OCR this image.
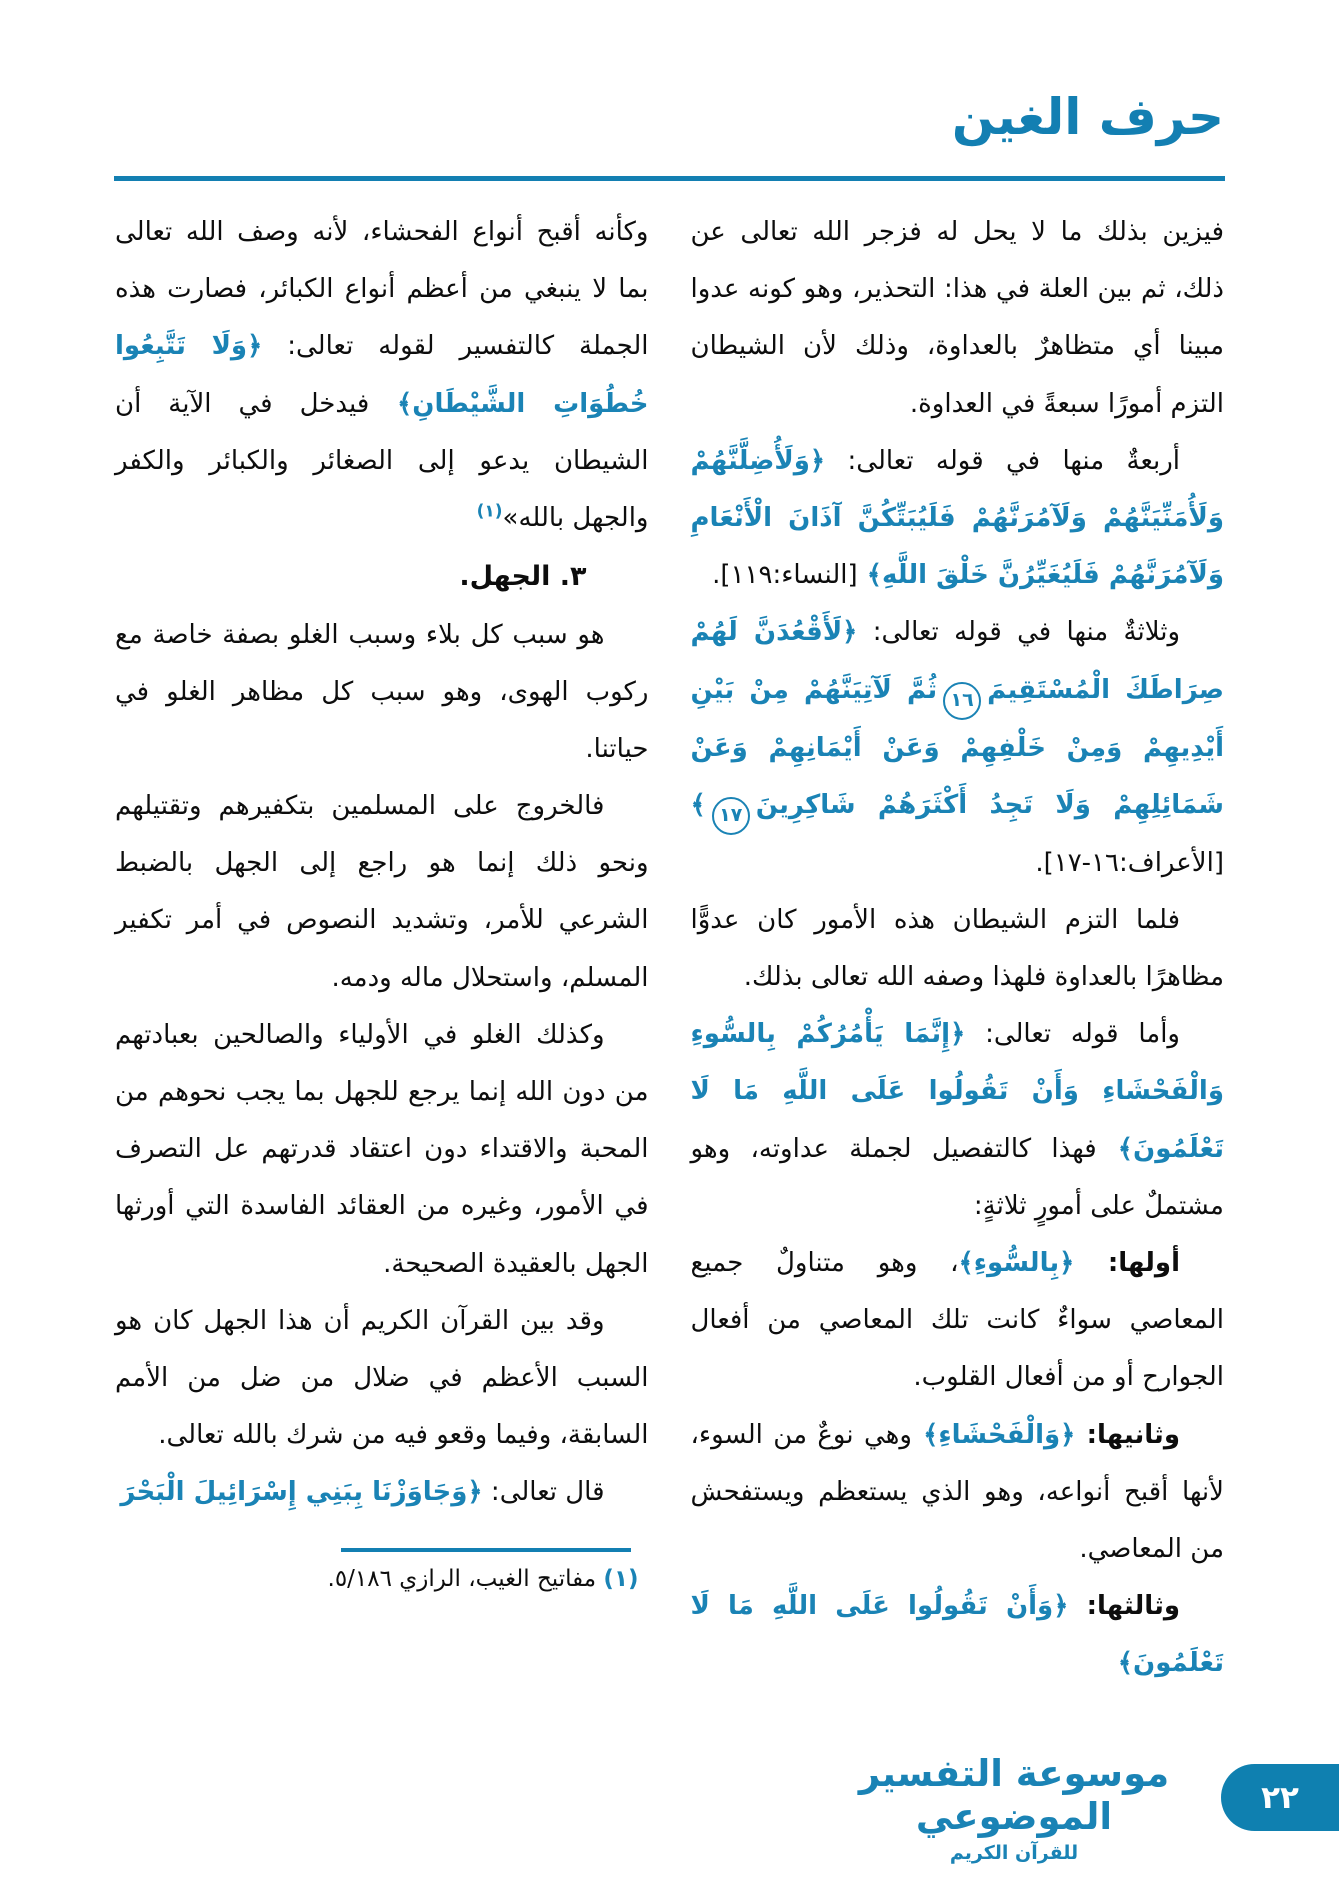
حرف الغين

فيزين بذلك ما لا يحل له فزجر الله تعالى عن ذلك، ثم بين العلة في هذا: التحذير، وهو كونه عدوا مبينا أي متظاهرٌ بالعداوة، وذلك لأن الشيطان التزم أمورًا سبعةً في العداوة.

أربعةٌ منها في قوله تعالى: ﴿وَلَأُضِلَّنَّهُمْ وَلَأُمَنِّيَنَّهُمْ وَلَآمُرَنَّهُمْ فَلَيُبَتِّكُنَّ آذَانَ الْأَنْعَامِ وَلَآمُرَنَّهُمْ فَلَيُغَيِّرُنَّ خَلْقَ اللَّهِ﴾ [النساء:١١٩].

وثلاثةٌ منها في قوله تعالى: ﴿لَأَقْعُدَنَّ لَهُمْ صِرَاطَكَ الْمُسْتَقِيمَ١٦ثُمَّ لَآتِيَنَّهُمْ مِنْ بَيْنِ أَيْدِيهِمْ وَمِنْ خَلْفِهِمْ وَعَنْ أَيْمَانِهِمْ وَعَنْ شَمَائِلِهِمْ وَلَا تَجِدُ أَكْثَرَهُمْ شَاكِرِينَ١٧﴾ [الأعراف:١٦-١٧].

فلما التزم الشيطان هذه الأمور كان عدوًّا مظاهرًا بالعداوة فلهذا وصفه الله تعالى بذلك.

وأما قوله تعالى: ﴿إِنَّمَا يَأْمُرُكُمْ بِالسُّوءِ وَالْفَحْشَاءِ وَأَنْ تَقُولُوا عَلَى اللَّهِ مَا لَا تَعْلَمُونَ﴾ فهذا كالتفصيل لجملة عداوته، وهو مشتملٌ على أمورٍ ثلاثةٍ:

أولها: ﴿بِالسُّوءِ﴾، وهو متناولٌ جميع المعاصي سواءٌ كانت تلك المعاصي من أفعال الجوارح أو من أفعال القلوب.

وثانيها: ﴿وَالْفَحْشَاءِ﴾ وهي نوعٌ من السوء، لأنها أقبح أنواعه، وهو الذي يستعظم ويستفحش من المعاصي.

وثالثها: ﴿وَأَنْ تَقُولُوا عَلَى اللَّهِ مَا لَا تَعْلَمُونَ﴾

وكأنه أقبح أنواع الفحشاء، لأنه وصف الله تعالى بما لا ينبغي من أعظم أنواع الكبائر، فصارت هذه الجملة كالتفسير لقوله تعالى: ﴿وَلَا تَتَّبِعُوا خُطُوَاتِ الشَّيْطَانِ﴾ فيدخل في الآية أن الشيطان يدعو إلى الصغائر والكبائر والكفر والجهل بالله»$^{(١)}$

٣. الجهل.

هو سبب كل بلاء وسبب الغلو بصفة خاصة مع ركوب الهوى، وهو سبب كل مظاهر الغلو في حياتنا.

فالخروج على المسلمين بتكفيرهم وتقتيلهم ونحو ذلك إنما هو راجع إلى الجهل بالضبط الشرعي للأمر، وتشديد النصوص في أمر تكفير المسلم، واستحلال ماله ودمه.

وكذلك الغلو في الأولياء والصالحين بعبادتهم من دون الله إنما يرجع للجهل بما يجب نحوهم من المحبة والاقتداء دون اعتقاد قدرتهم عل التصرف في الأمور، وغيره من العقائد الفاسدة التي أورثها الجهل بالعقيدة الصحيحة.

وقد بين القرآن الكريم أن هذا الجهل كان هو السبب الأعظم في ضلال من ضل من الأمم السابقة، وفيما وقعو فيه من شرك بالله تعالى.

قال تعالى: ﴿وَجَاوَزْنَا بِبَنِي إِسْرَائِيلَ الْبَحْرَ

(١) مفاتيح الغيب، الرازي ٥/١٨٦.

موسوعة التفسير الموضوعي
للقرآن الكريم
٢٢
